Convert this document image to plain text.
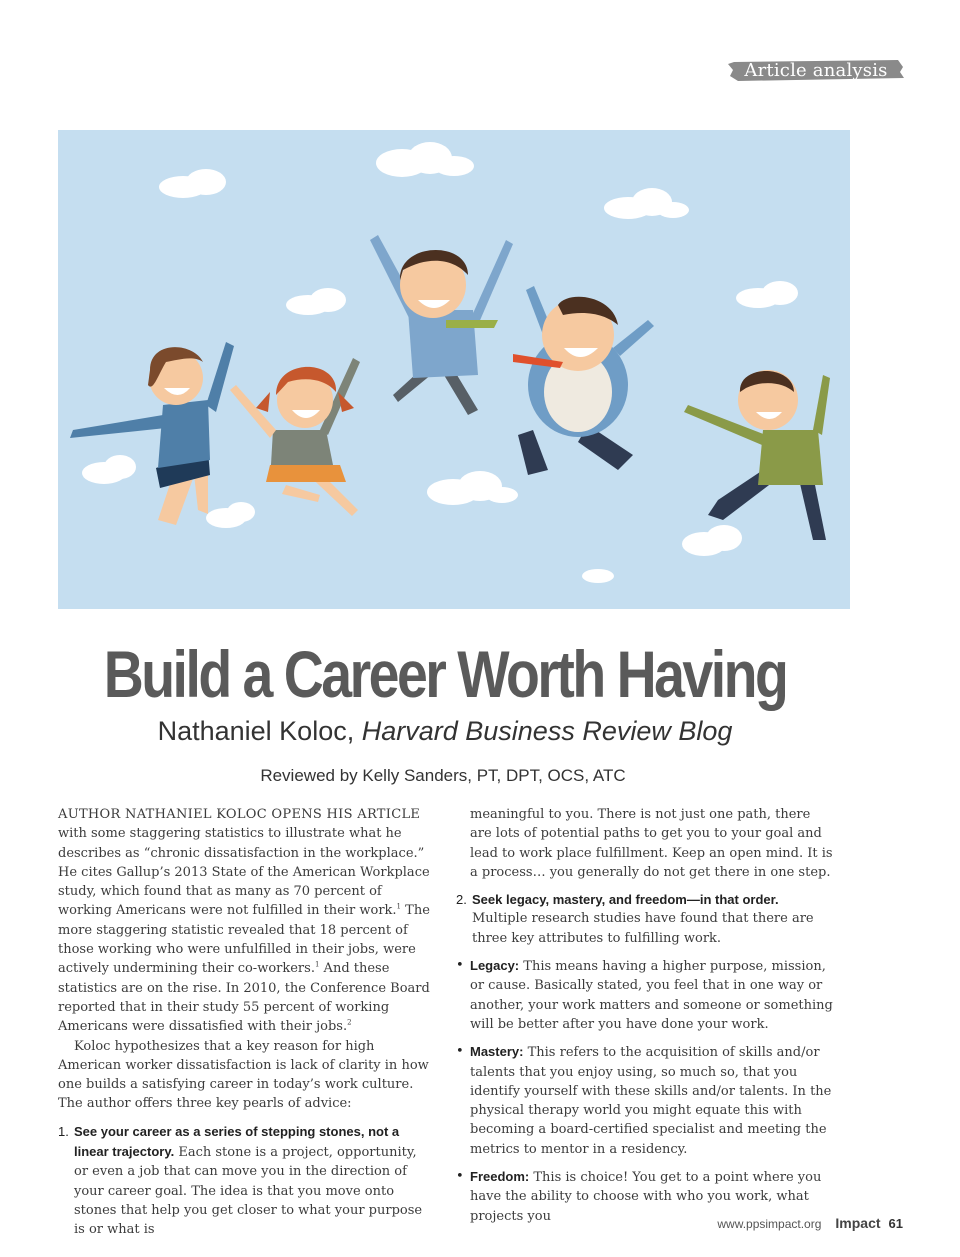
Article analysis
Build a Career Worth Having
Nathaniel Koloc, Harvard Business Review Blog
Reviewed by Kelly Sanders, PT, DPT, OCS, ATC

AUTHOR NATHANIEL KOLOC OPENS HIS ARTICLE with some staggering statistics to illustrate what he describes as “chronic dissatisfaction in the workplace.” He cites Gallup’s 2013 State of the American Workplace study, which found that as many as 70 percent of working Americans were not fulfilled in their work.$^1$ The more staggering statistic revealed that 18 percent of those working who were unfulfilled in their jobs, were actively undermining their co-workers.$^1$ And these statistics are on the rise. In 2010, the Conference Board reported that in their study 55 percent of working Americans were dissatisfied with their jobs.$^2$

Koloc hypothesizes that a key reason for high American worker dissatisfaction is lack of clarity in how one builds a satisfying career in today’s work culture. The author offers three key pearls of advice:

1. See your career as a series of stepping stones, not a linear trajectory. Each stone is a project, opportunity, or even a job that can move you in the direction of your career goal. The idea is that you move onto stones that help you get closer to what your purpose is or what is

meaningful to you. There is not just one path, there are lots of potential paths to get you to your goal and lead to work place fulfillment. Keep an open mind. It is a process… you generally do not get there in one step.

2. Seek legacy, mastery, and freedom—in that order.
Multiple research studies have found that there are three key attributes to fulfilling work.
• Legacy: This means having a higher purpose, mission, or cause. Basically stated, you feel that in one way or another, your work matters and someone or something will be better after you have done your work.
• Mastery: This refers to the acquisition of skills and/or talents that you enjoy using, so much so, that you identify yourself with these skills and/or talents. In the physical therapy world you might equate this with becoming a board-certified specialist and meeting the metrics to mentor in a residency.
• Freedom: This is choice! You get to a point where you have the ability to choose with who you work, what projects you
www.ppsimpact.org Impact 61
